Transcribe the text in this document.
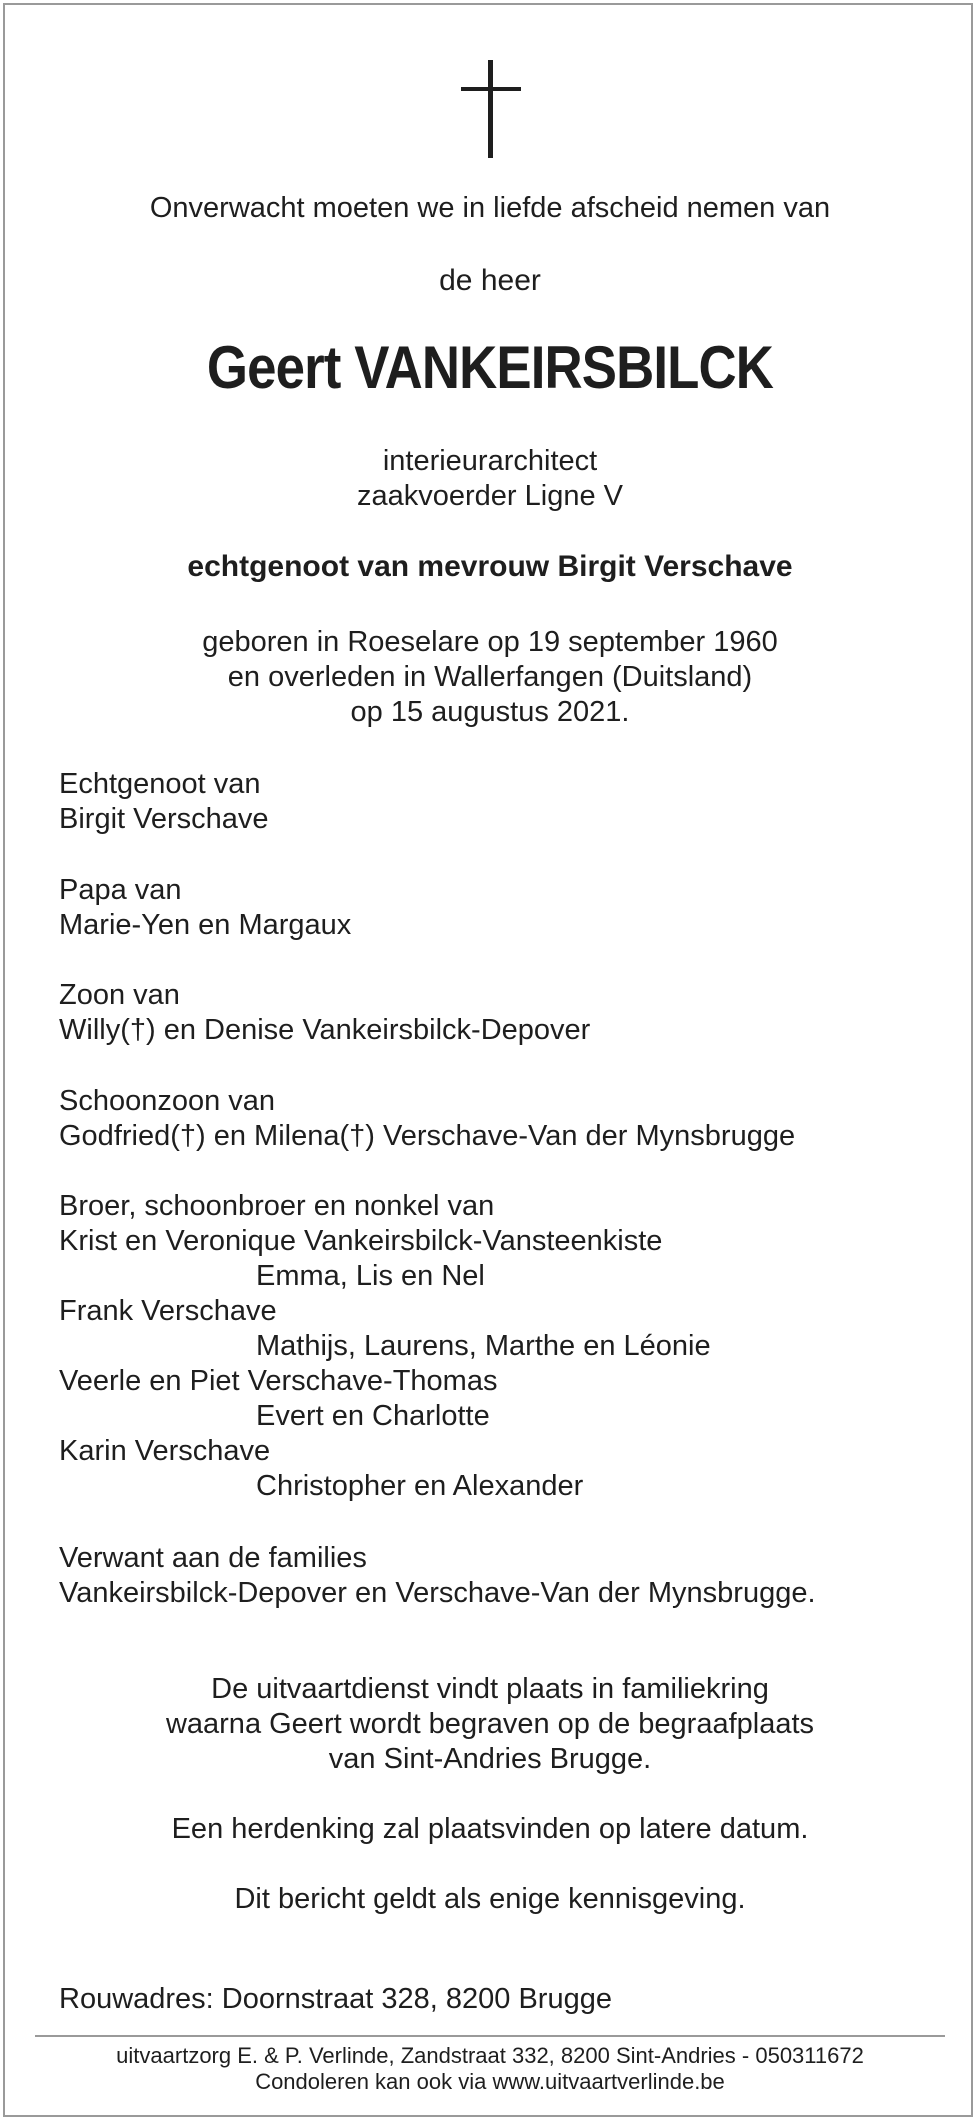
Onverwacht moeten we in liefde afscheid nemen van

de heer

Geert VANKEIRSBILCK

interieurarchitect

zaakvoerder Ligne V

echtgenoot van mevrouw Birgit Verschave

geboren in Roeselare op 19 september 1960

en overleden in Wallerfangen (Duitsland)

op 15 augustus 2021.

Echtgenoot van

Birgit Verschave

Papa van

Marie-Yen en Margaux

Zoon van

Willy(†) en Denise Vankeirsbilck-Depover

Schoonzoon van

Godfried(†) en Milena(†) Verschave-Van der Mynsbrugge

Broer, schoonbroer en nonkel van

Krist en Veronique Vankeirsbilck-Vansteenkiste

Emma, Lis en Nel

Frank Verschave

Mathijs, Laurens, Marthe en Léonie

Veerle en Piet Verschave-Thomas

Evert en Charlotte

Karin Verschave

Christopher en Alexander

Verwant aan de families

Vankeirsbilck-Depover en Verschave-Van der Mynsbrugge.

De uitvaartdienst vindt plaats in familiekring

waarna Geert wordt begraven op de begraafplaats

van Sint-Andries Brugge.

Een herdenking zal plaatsvinden op latere datum.

Dit bericht geldt als enige kennisgeving.

Rouwadres: Doornstraat 328, 8200 Brugge

uitvaartzorg E. & P. Verlinde, Zandstraat 332, 8200 Sint-Andries - 050311672

Condoleren kan ook via www.uitvaartverlinde.be
